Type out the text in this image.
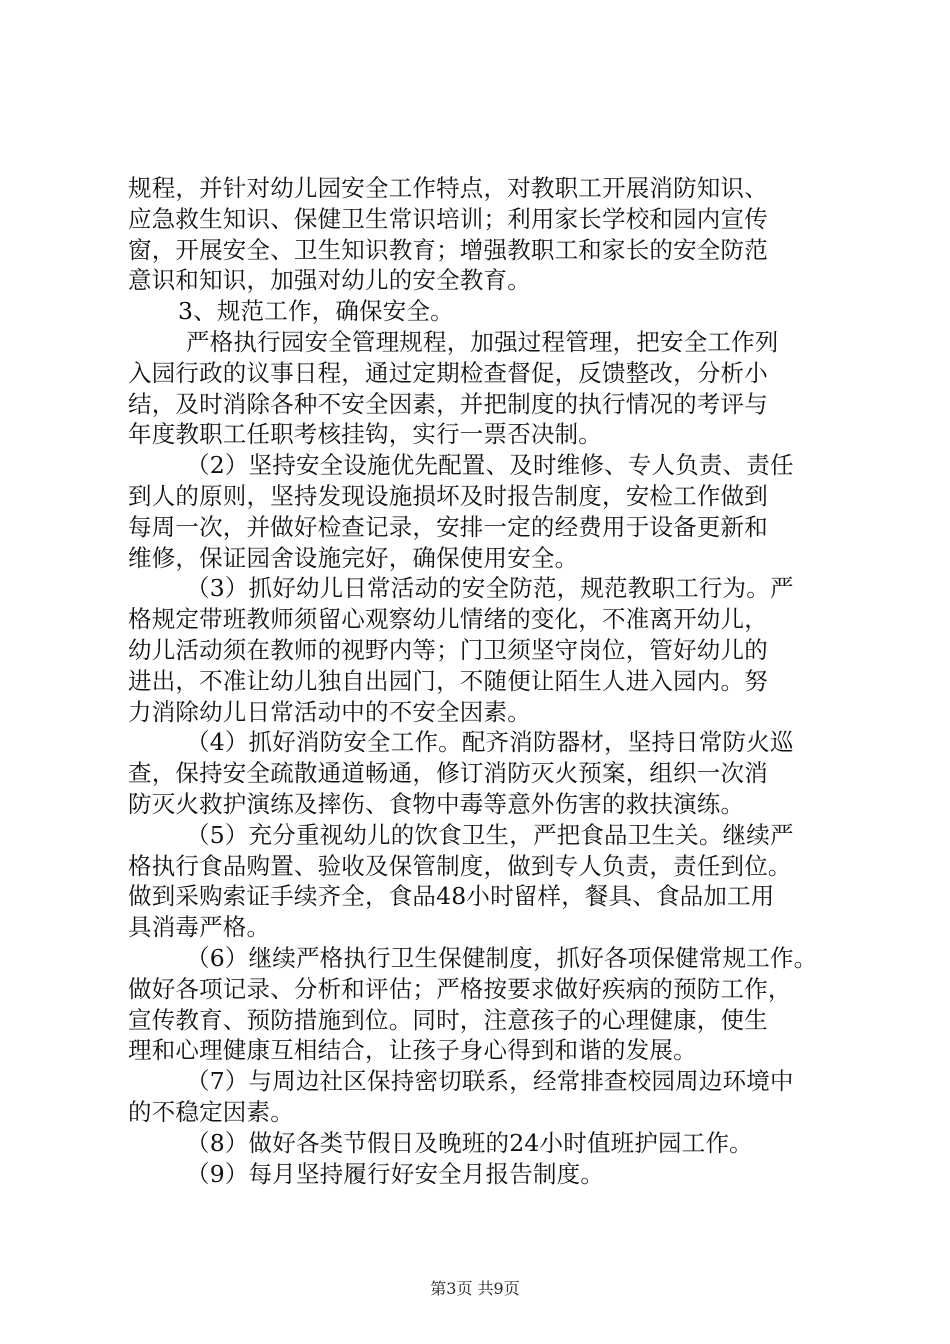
规程，并针对幼儿园安全工作特点，对教职工开展消防知识、
应急救生知识、保健卫生常识培训；利用家长学校和园内宣传
窗，开展安全、卫生知识教育；增强教职工和家长的安全防范
意识和知识，加强对幼儿的安全教育。
3、规范工作，确保安全。
严格执行园安全管理规程，加强过程管理，把安全工作列
入园行政的议事日程，通过定期检查督促，反馈整改，分析小
结，及时消除各种不安全因素，并把制度的执行情况的考评与
年度教职工任职考核挂钩，实行一票否决制。
（2）坚持安全设施优先配置、及时维修、专人负责、责任
到人的原则，坚持发现设施损坏及时报告制度，安检工作做到
每周一次，并做好检查记录，安排一定的经费用于设备更新和
维修，保证园舍设施完好，确保使用安全。
（3）抓好幼儿日常活动的安全防范，规范教职工行为。严
格规定带班教师须留心观察幼儿情绪的变化，不准离开幼儿，
幼儿活动须在教师的视野内等；门卫须坚守岗位，管好幼儿的
进出，不准让幼儿独自出园门，不随便让陌生人进入园内。努
力消除幼儿日常活动中的不安全因素。
（4）抓好消防安全工作。配齐消防器材，坚持日常防火巡
查，保持安全疏散通道畅通，修订消防灭火预案，组织一次消
防灭火救护演练及摔伤、食物中毒等意外伤害的救扶演练。
（5）充分重视幼儿的饮食卫生，严把食品卫生关。继续严
格执行食品购置、验收及保管制度，做到专人负责，责任到位。
做到采购索证手续齐全，食品48小时留样，餐具、食品加工用
具消毒严格。
（6）继续严格执行卫生保健制度，抓好各项保健常规工作。
做好各项记录、分析和评估；严格按要求做好疾病的预防工作，
宣传教育、预防措施到位。同时，注意孩子的心理健康，使生
理和心理健康互相结合，让孩子身心得到和谐的发展。
（7）与周边社区保持密切联系，经常排查校园周边环境中
的不稳定因素。
（8）做好各类节假日及晚班的24小时值班护园工作。
（9）每月坚持履行好安全月报告制度。
第3页 共9页
